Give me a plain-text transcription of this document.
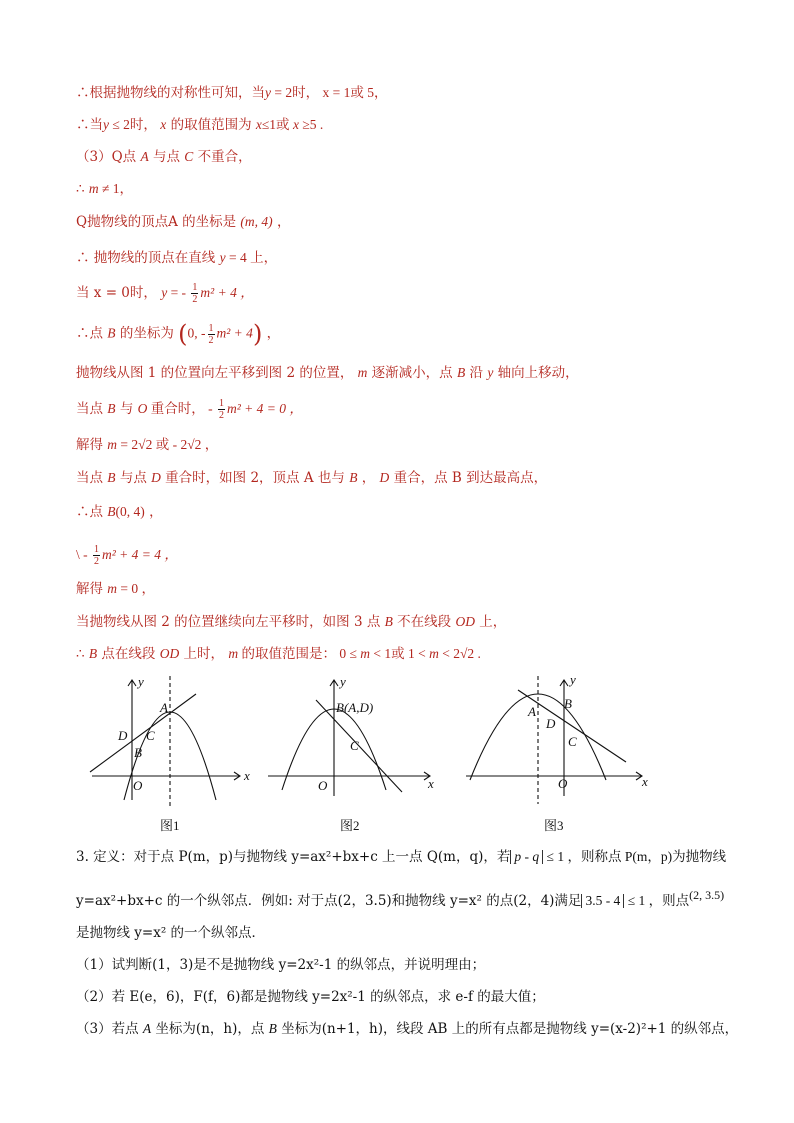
∴根据抛物线的对称性可知，当y = 2时， x = 1或 5，
∴当y ≤ 2时， x 的取值范围为 x≤1或 x ≥5 .
（3）Q点 A 与点 C 不重合，
∴ m ≠ 1，
Q抛物线的顶点A 的坐标是 (m, 4) ，
∴ 抛物线的顶点在直线 y = 4 上，
当 x = 0时， y = - $\frac{1}{2} m^2 + 4$ ，
∴点 B 的坐标为 (0, - $\frac{1}{2} m^2 + 4$) ，
抛物线从图 1 的位置向左平移到图 2 的位置， m 逐渐减小，点 B 沿 y 轴向上移动，
当点 B 与 O 重合时， - $\frac{1}{2} m^2 + 4 = 0$ ，
解得 m = 2√2 或 - 2√2 ，
当点 B 与点 D 重合时，如图 2，顶点 A 也与 B ， D 重合，点 B 到达最高点，
∴点 B(0, 4) ，
\ - $\frac{1}{2} m^2 + 4 = 4$ ，
解得 m = 0 ，
当抛物线从图 2 的位置继续向左平移时，如图 3 点 B 不在线段 OD 上，
∴ B 点在线段 OD 上时， m 的取值范围是： 0 ≤ m < 1或 1 < m < 2√2 .
x
y
O
A
B
C
D
图1
x
y
O
B(A,D)
C
图2
x
y
O
A
B
C
D
图3
3. 定义：对于点 P(m，p)与抛物线 y=ax²+bx+c 上一点 Q(m，q)，若 p - q ≤ 1 ，则称点 P(m，p)为抛物线
y=ax²+bx+c 的一个纵邻点．例如: 对于点(2，3.5)和抛物线 y=x² 的点(2，4)满足 3.5 - 4 ≤ 1 ，则点(2, 3.5)
是抛物线 y=x² 的一个纵邻点．
（1）试判断(1，3)是不是抛物线 y=2x²-1 的纵邻点，并说明理由；
（2）若 E(e，6)，F(f，6)都是抛物线 y=2x²-1 的纵邻点，求 e-f 的最大值；
（3）若点 A 坐标为(n，h)，点 B 坐标为(n+1，h)，线段 AB 上的所有点都是抛物线 y=(x-2)²+1 的纵邻点，
